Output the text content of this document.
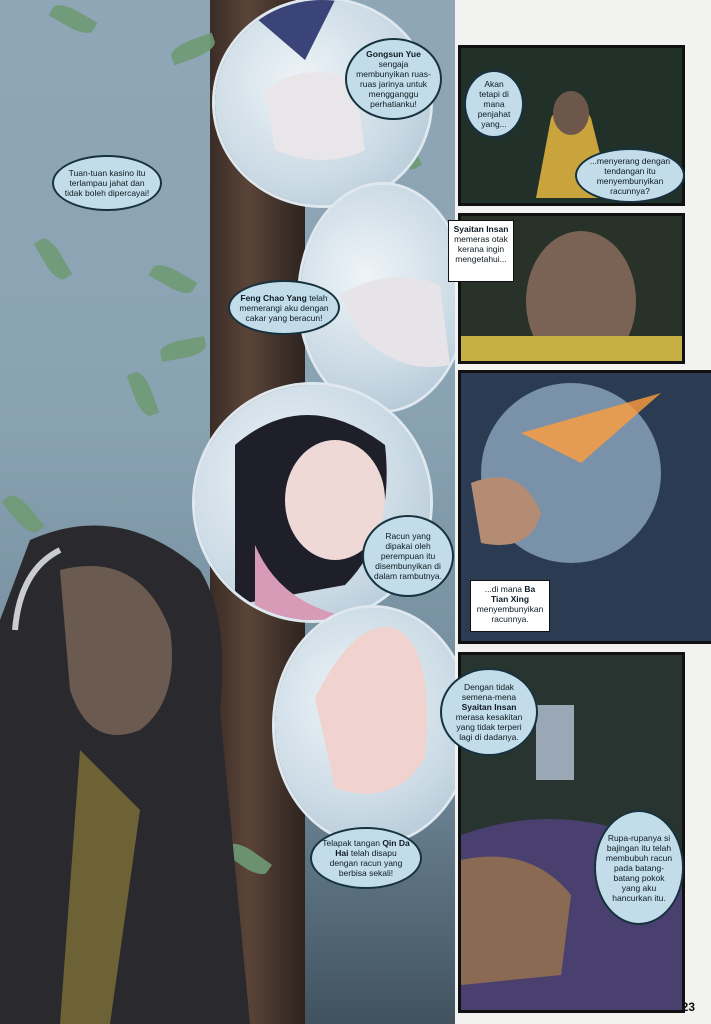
Tuan-tuan kasino itu terlampau jahat dan tidak boleh dipercayai!
Gongsun Yue sengaja membunyikan ruas-ruas jarinya untuk mengganggu perhatianku!
Feng Chao Yang telah memerangi aku dengan cakar yang beracun!
Racun yang dipakai oleh perempuan itu disembunyikan di dalam rambutnya.
Telapak tangan Qin Da Hai telah disapu dengan racun yang berbisa sekali!
Akan tetapi di mana penjahat yang...
...menyerang dengan tendangan itu menyembunyikan racunnya?
Dengan tidak semena-mena Syaitan Insan merasa kesakitan yang tidak terperi lagi di dadanya.
Rupa-rupanya si bajingan itu telah membubuh racun pada batang-batang pokok yang aku hancurkan itu.
Syaitan Insan
memeras otak kerana ingin mengetahui...
...di mana Ba Tian Xing menyembunyikan racunnya.
23
